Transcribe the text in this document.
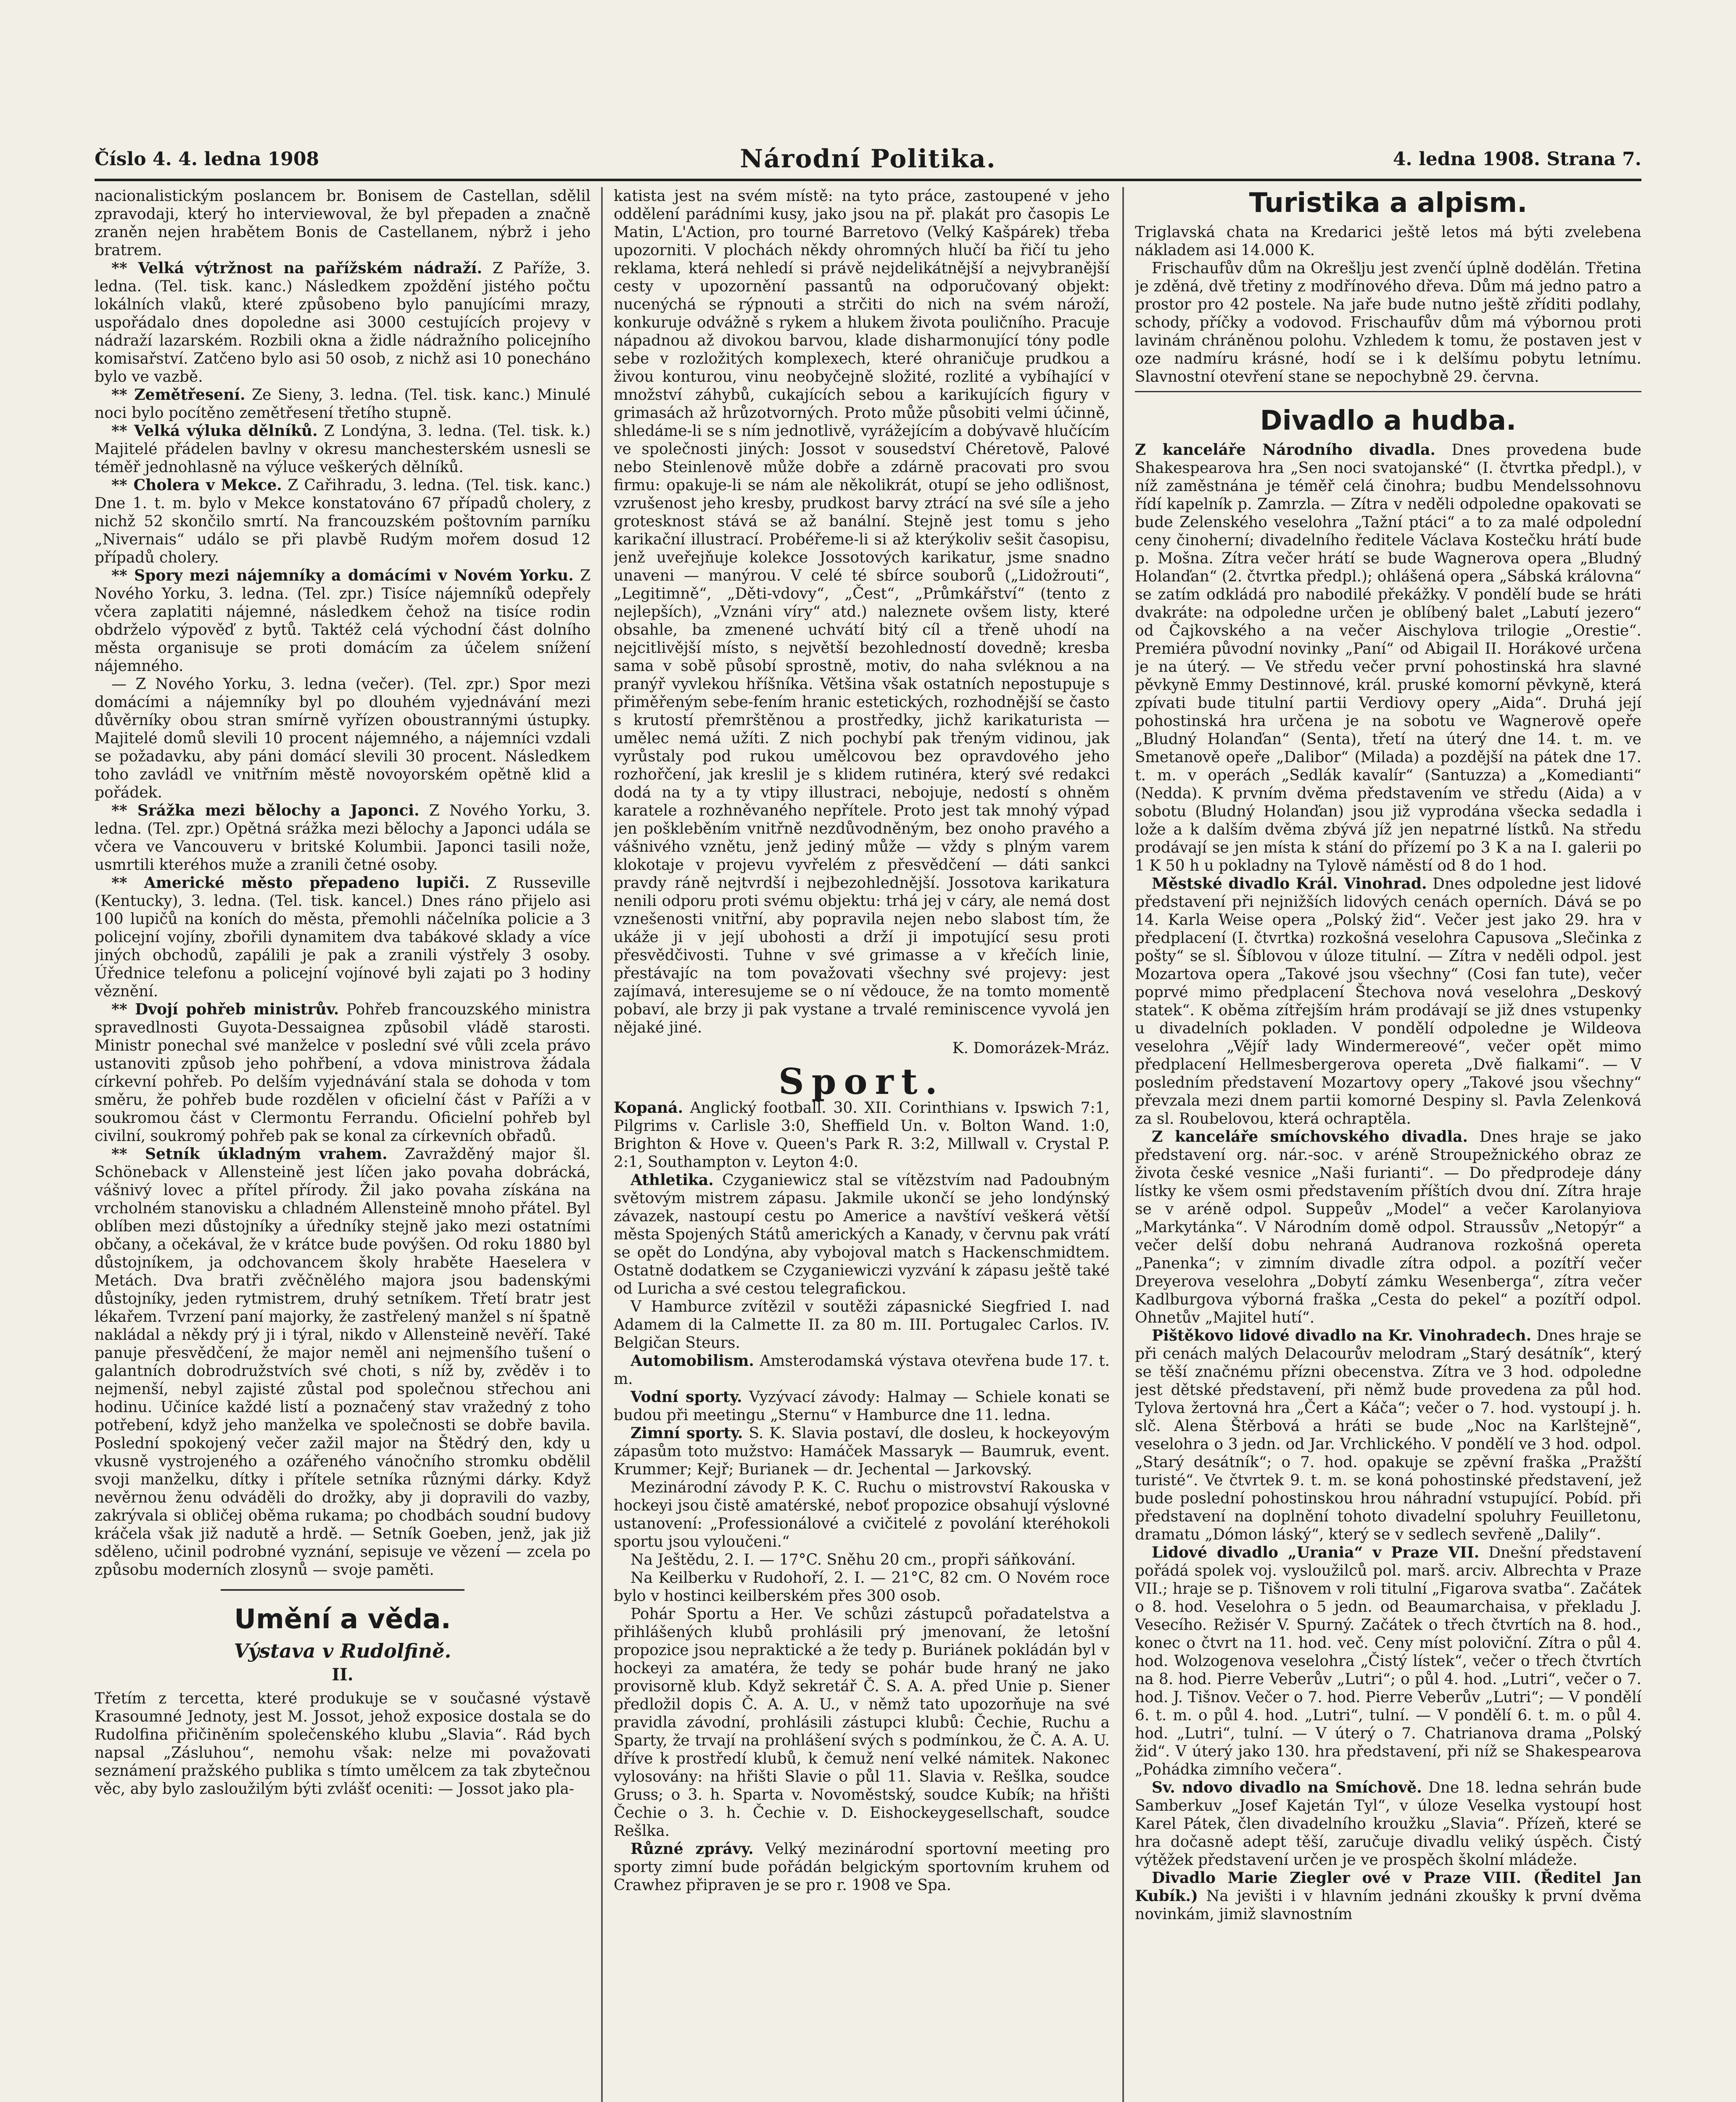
Číslo 4. 4. ledna 1908	Národní Politika.	4. ledna 1908. Strana 7.

nacionalistickým poslancem br. Bonisem de Castellan, sdělil zpravodaji, který ho interviewoval, že byl přepaden a značně zraněn nejen hrabětem Bonis de Castellanem, nýbrž i jeho bratrem.

** Velká výtržnost na pařížském nádraží. Z Paříže, 3. ledna. (Tel. tisk. kanc.) Následkem zpoždění jistého počtu lokálních vlaků, které způsobeno bylo panujícími mrazy, uspořádalo dnes dopoledne asi 3000 cestujících projevy v nádraží lazarském. Rozbili okna a židle nádražního policejního komisařství. Zatčeno bylo asi 50 osob, z nichž asi 10 ponecháno bylo ve vazbě.

** Zemětřesení. Ze Sieny, 3. ledna. (Tel. tisk. kanc.) Minulé noci bylo pocítěno zemětřesení třetího stupně.

** Velká výluka dělníků. Z Londýna, 3. ledna. (Tel. tisk. k.) Majitelé přádelen bavlny v okresu manchesterském usnesli se téměř jednohlasně na výluce veškerých dělníků.

** Cholera v Mekce. Z Cařihradu, 3. ledna. (Tel. tisk. kanc.) Dne 1. t. m. bylo v Mekce konstatováno 67 případů cholery, z nichž 52 skončilo smrtí. Na francouzském poštovním parníku „Nivernais“ událo se při plavbě Rudým mořem dosud 12 případů cholery.

** Spory mezi nájemníky a domácími v Novém Yorku. Z Nového Yorku, 3. ledna. (Tel. zpr.) Tisíce nájemníků odepřely včera zaplatiti nájemné, následkem čehož na tisíce rodin obdrželo výpověď z bytů. Taktéž celá východní část dolního města organisuje se proti domácím za účelem snížení nájemného.

— Z Nového Yorku, 3. ledna (večer). (Tel. zpr.) Spor mezi domácími a nájemníky byl po dlouhém vyjednávání mezi důvěrníky obou stran smírně vyřízen oboustrannými ústupky. Majitelé domů slevili 10 procent nájemného, a nájemníci vzdali se požadavku, aby páni domácí slevili 30 procent. Následkem toho zavládl ve vnitřním městě novoyorském opětně klid a pořádek.

** Srážka mezi bělochy a Japonci. Z Nového Yorku, 3. ledna. (Tel. zpr.) Opětná srážka mezi bělochy a Japonci udála se včera ve Vancouveru v britské Kolumbii. Japonci tasili nože, usmrtili kteréhos muže a zranili četné osoby.

** Americké město přepadeno lupiči. Z Russeville (Kentucky), 3. ledna. (Tel. tisk. kancel.) Dnes ráno přijelo asi 100 lupičů na koních do města, přemohli náčelníka policie a 3 policejní vojíny, zbořili dynamitem dva tabákové sklady a více jiných obchodů, zapálili je pak a zranili výstřely 3 osoby. Úřednice telefonu a policejní vojínové byli zajati po 3 hodiny věznění.

** Dvojí pohřeb ministrův. Pohřeb francouzského ministra spravedlnosti Guyota-Dessaignea způsobil vládě starosti. Ministr ponechal své manželce v poslední své vůli zcela právo ustanoviti způsob jeho pohřbení, a vdova ministrova žádala církevní pohřeb. Po delším vyjednávání stala se dohoda v tom směru, že pohřeb bude rozdělen v oficielní část v Paříži a v soukromou část v Clermontu Ferrandu. Oficielní pohřeb byl civilní, soukromý pohřeb pak se konal za církevních obřadů.

** Setník úkladným vrahem. Zavražděný major šl. Schöneback v Allensteině jest líčen jako povaha dobrácká, vášnivý lovec a přítel přírody. Žil jako povaha získána na vrcholném stanovisku a chladném Allensteině mnoho přátel. Byl oblíben mezi důstojníky a úředníky stejně jako mezi ostatními občany, a očekával, že v krátce bude povýšen. Od roku 1880 byl důstojníkem, ja odchovancem školy hraběte Haeselera v Metách. Dva bratři zvěčnělého majora jsou badenskými důstojníky, jeden rytmistrem, druhý setníkem. Třetí bratr jest lékařem. Tvrzení paní majorky, že zastřelený manžel s ní špatně nakládal a někdy prý ji i týral, nikdo v Allensteině nevěří. Také panuje přesvědčení, že major neměl ani nejmenšího tušení o galantních dobrodružstvích své choti, s níž by, zvěděv i to nejmenší, nebyl zajisté zůstal pod společnou střechou ani hodinu. Učiníce každé listí a poznačený stav vražedný z toho potřebení, když jeho manželka ve společnosti se dobře bavila. Poslední spokojený večer zažil major na Štědrý den, kdy u vkusně vystrojeného a ozářeného vánočního stromku obdělil svoji manželku, dítky i přítele setníka různými dárky. Když nevěrnou ženu odváděli do drožky, aby ji dopravili do vazby, zakrývala si obličej oběma rukama; po chodbách soudní budovy kráčela však již nadutě a hrdě. — Setník Goeben, jenž, jak již sděleno, učinil podrobné vyznání, sepisuje ve vězení — zcela po způsobu moderních zlosynů — svoje paměti.

Umění a věda.
Výstava v Rudolfině.
II.

Třetím z tercetta, které produkuje se v současné výstavě Krasoumné Jednoty, jest M. Jossot, jehož exposice dostala se do Rudolfina přičiněním společenského klubu „Slavia“. Rád bych napsal „Zásluhou“, nemohu však: nelze mi považovati seznámení pražského publika s tímto umělcem za tak zbytečnou věc, aby bylo zasloužilým býti zvlášť oceniti: — Jossot jako pla-

katista jest na svém místě: na tyto práce, zastoupené v jeho oddělení parádními kusy, jako jsou na př. plakát pro časopis Le Matin, L'Action, pro tourné Barretovo (Velký Kašpárek) třeba upozorniti. V plochách někdy ohromných hlučí ba řičí tu jeho reklama, která nehledí si právě nejdelikátnější a nejvybranější cesty v upozornění passantů na odporučovaný objekt: nucenýchá se rýpnouti a strčiti do nich na svém nároží, konkuruje odvážně s rykem a hlukem života pouličního. Pracuje nápadnou až divokou barvou, klade disharmonující tóny podle sebe v rozložitých komplexech, které ohraničuje prudkou a živou konturou, vinu neobyčejně složité, rozlité a vybíhající v množství záhybů, cukajících sebou a karikujících figury v grimasách až hrůzotvorných. Proto může působiti velmi účinně, shledáme-li se s ním jednotlivě, vyrážejícím a dobývavě hlučícím ve společnosti jiných: Jossot v sousedství Chéretově, Palové nebo Steinlenově může dobře a zdárně pracovati pro svou firmu: opakuje-li se nám ale několikrát, otupí se jeho odlišnost, vzrušenost jeho kresby, prudkost barvy ztrácí na své síle a jeho grotesknost stává se až banální. Stejně jest tomu s jeho karikační illustrací. Probéřeme-li si až kterýkoliv sešit časopisu, jenž uveřejňuje kolekce Jossotových karikatur, jsme snadno unaveni — manýrou. V celé té sbírce souborů („Lidožrouti“, „Legitimně“, „Děti-vdovy“, „Čest“, „Průmkářství“ (tento z nejlepších), „Vznáni víry“ atd.) naleznete ovšem listy, které obsahle, ba zmenené uchvátí bitý cíl a třeně uhodí na nejcitlivější místo, s největší bezohledností dovedně; kresba sama v sobě působí sprostně, motiv, do naha svléknou a na pranýř vyvlekou hříšníka. Většina však ostatních nepostupuje s přiměřeným sebe-fením hranic estetických, rozhodnější se často s krutostí přemrštěnou a prostředky, jichž karikaturista — umělec nemá užíti. Z nich pochybí pak třeným vidinou, jak vyrůstaly pod rukou umělcovou bez opravdového jeho rozhořčení, jak kreslil je s klidem rutinéra, který své redakci dodá na ty a ty vtipy illustraci, nebojuje, nedostí s ohněm karatele a rozhněvaného nepřítele. Proto jest tak mnohý výpad jen poškleběním vnitřně nezdůvodněným, bez onoho pravého a vášnivého vznětu, jenž jediný může — vždy s plným varem klokotaje v projevu vyvřelém z přesvědčení — dáti sankci pravdy ráně nejtvrdší i nejbezohlednější. Jossotova karikatura nenili odporu proti svému objektu: trhá jej v cáry, ale nemá dost vznešenosti vnitřní, aby popravila nejen nebo slabost tím, že ukáže ji v její ubohosti a drží ji impotující sesu proti přesvědčivosti. Tuhne v své grimasse a v křečích linie, přestávajíc na tom považovati všechny své projevy: jest zajímavá, interesujeme se o ní vědouce, že na tomto momentě pobaví, ale brzy ji pak vystane a trvalé reminiscence vyvolá jen nějaké jiné.

K. Domorázek-Mráz.

Sport.

Kopaná. Anglický football. 30. XII. Corinthians v. Ipswich 7:1, Pilgrims v. Carlisle 3:0, Sheffield Un. v. Bolton Wand. 1:0, Brighton & Hove v. Queen's Park R. 3:2, Millwall v. Crystal P. 2:1, Southampton v. Leyton 4:0.

Athletika. Czyganiewicz stal se vítězstvím nad Padoubným světovým mistrem zápasu. Jakmile ukončí se jeho londýnský závazek, nastoupí cestu po Americe a navštíví veškerá větší města Spojených Států amerických a Kanady, v červnu pak vrátí se opět do Londýna, aby vybojoval match s Hackenschmidtem. Ostatně dodatkem se Czyganiewiczi vyzvání k zápasu ještě také od Luricha a své cestou telegrafickou.

V Hamburce zvítězil v soutěži zápasnické Siegfried I. nad Adamem di la Calmette II. za 80 m. III. Portugalec Carlos. IV. Belgičan Steurs.

Automobilism. Amsterodamská výstava otevřena bude 17. t. m.

Vodní sporty. Vyzývací závody: Halmay — Schiele konati se budou při meetingu „Sternu“ v Hamburce dne 11. ledna.

Zimní sporty. S. K. Slavia postaví, dle dosleu, k hockeyovým zápasům toto mužstvo: Hamáček Massaryk — Baumruk, event. Krummer; Kejř; Burianek — dr. Jechental — Jarkovský.

Mezinárodní závody P. K. C. Ruchu o mistrovství Rakouska v hockeyi jsou čistě amatérské, neboť propozice obsahují výslovné ustanovení: „Professionálové a cvičitelé z povolání kteréhokoli sportu jsou vyloučeni.“

Na Ještědu, 2. I. — 17°C. Sněhu 20 cm., propři sáňkování.

Na Keilberku v Rudohoří, 2. I. — 21°C, 82 cm. O Novém roce bylo v hostinci keilberském přes 300 osob.

Pohár Sportu a Her. Ve schůzi zástupců pořadatelstva a přihlášených klubů prohlásili prý jmenovaní, že letošní propozice jsou nepraktické a že tedy p. Buriánek pokládán byl v hockeyi za amatéra, že tedy se pohár bude hraný ne jako provisorně klub. Když sekretář Č. S. A. A. před Unie p. Siener předložil dopis Č. A. A. U., v němž tato upozorňuje na své pravidla závodní, prohlásili zástupci klubů: Čechie, Ruchu a Sparty, že trvají na prohlášení svých s podmínkou, že Č. A. A. U. dříve k prostředí klubů, k čemuž není velké námitek. Nakonec vylosovány: na hřišti Slavie o půl 11. Slavia v. Rešlka, soudce Gruss; o 3. h. Sparta v. Novoměstský, soudce Kubík; na hřišti Čechie o 3. h. Čechie v. D. Eishockeygesellschaft, soudce Rešlka.

Různé zprávy. Velký mezinárodní sportovní meeting pro sporty zimní bude pořádán belgickým sportovním kruhem od Crawhez připraven je se pro r. 1908 ve Spa.

Turistika a alpism.

Triglavská chata na Kredarici ještě letos má býti zvelebena nákladem asi 14.000 K.

Frischaufův dům na Okrešlju jest zvenčí úplně dodělán. Třetina je zděná, dvě třetiny z modřínového dřeva. Dům má jedno patro a prostor pro 42 postele. Na jaře bude nutno ještě zříditi podlahy, schody, příčky a vodovod. Frischaufův dům má výbornou proti lavinám chráněnou polohu. Vzhledem k tomu, že postaven jest v oze nadmíru krásné, hodí se i k delšímu pobytu letnímu. Slavnostní otevření stane se nepochybně 29. června.

Divadlo a hudba.

Z kanceláře Národního divadla. Dnes provedena bude Shakespearova hra „Sen noci svatojanské“ (I. čtvrtka předpl.), v níž zaměstnána je téměř celá činohra; budbu Mendelssohnovu řídí kapelník p. Zamrzla. — Zítra v neděli odpoledne opakovati se bude Zelenského veselohra „Tažní ptáci“ a to za malé odpolední ceny činoherní; divadelního ředitele Václava Kostečku hrátí bude p. Mošna. Zítra večer hrátí se bude Wagnerova opera „Bludný Holanďan“ (2. čtvrtka předpl.); ohlášená opera „Sábská královna“ se zatím odkládá pro nabodilé překážky. V pondělí bude se hráti dvakráte: na odpoledne určen je oblíbený balet „Labutí jezero“ od Čajkovského a na večer Aischylova trilogie „Orestie“. Premiéra původní novinky „Paní“ od Abigail II. Horákové určena je na úterý. — Ve středu večer první pohostinská hra slavné pěvkyně Emmy Destinnové, král. pruské komorní pěvkyně, která zpívati bude titulní partii Verdiovy opery „Aida“. Druhá její pohostinská hra určena je na sobotu ve Wagnerově opeře „Bludný Holanďan“ (Senta), třetí na úterý dne 14. t. m. ve Smetanově opeře „Dalibor“ (Milada) a pozdější na pátek dne 17. t. m. v operách „Sedlák kavalír“ (Santuzza) a „Komedianti“ (Nedda). K prvním dvěma představením ve středu (Aida) a v sobotu (Bludný Holanďan) jsou již vyprodána všecka sedadla i lože a k dalším dvěma zbývá jíž jen nepatrné lístků. Na středu prodávají se jen místa k stání do přízemí po 3 K a na I. galerii po 1 K 50 h u pokladny na Tylově náměstí od 8 do 1 hod.

Městské divadlo Král. Vinohrad. Dnes odpoledne jest lidové představení při nejnižších lidových cenách operních. Dává se po 14. Karla Weise opera „Polský žid“. Večer jest jako 29. hra v předplacení (I. čtvrtka) rozkošná veselohra Capusova „Slečinka z pošty“ se sl. Šíblovou v úloze titulní. — Zítra v neděli odpol. jest Mozartova opera „Takové jsou všechny“ (Cosi fan tute), večer poprvé mimo předplacení Štechova nová veselohra „Deskový statek“. K oběma zítřejším hrám prodávají se již dnes vstupenky u divadelních pokladen. V pondělí odpoledne je Wildeova veselohra „Vějíř lady Windermereové“, večer opět mimo předplacení Hellmesbergerova opereta „Dvě fialkami“. — V posledním představení Mozartovy opery „Takové jsou všechny“ převzala mezi dnem partii komorné Despiny sl. Pavla Zelenková za sl. Roubelovou, která ochraptěla.

Z kanceláře smíchovského divadla. Dnes hraje se jako představení org. nár.-soc. v aréně Stroupežnického obraz ze života české vesnice „Naši furianti“. — Do předprodeje dány lístky ke všem osmi představením příštích dvou dní. Zítra hraje se v aréně odpol. Suppeův „Model“ a večer Karolanyiova „Markytánka“. V Národním domě odpol. Straussův „Netopýr“ a večer delší dobu nehraná Audranova rozkošná opereta „Panenka“; v zimním divadle zítra odpol. a pozítří večer Dreyerova veselohra „Dobytí zámku Wesenberga“, zítra večer Kadlburgova výborná fraška „Cesta do pekel“ a pozítří odpol. Ohnetův „Majitel hutí“.

Pištěkovo lidové divadlo na Kr. Vinohradech. Dnes hraje se při cenách malých Delacourův melodram „Starý desátník“, který se těší značnému přízni obecenstva. Zítra ve 3 hod. odpoledne jest dětské představení, při němž bude provedena za půl hod. Tylova žertovná hra „Čert a Káča“; večer o 7. hod. vystoupí j. h. slč. Alena Štěrbová a hráti se bude „Noc na Karlštejně“, veselohra o 3 jedn. od Jar. Vrchlického. V pondělí ve 3 hod. odpol. „Starý desátník“; o 7. hod. opakuje se zpěvní fraška „Pražští turisté“. Ve čtvrtek 9. t. m. se koná pohostinské představení, jež bude poslední pohostinskou hrou náhradní vstupující. Pobíd. při představení na doplnění tohoto divadelní spoluhry Feuilletonu, dramatu „Dómon láský“, který se v sedlech sevřeně „Dalily“.

Lidové divadlo „Urania“ v Praze VII. Dnešní představení pořádá spolek voj. vysloužilců pol. marš. arciv. Albrechta v Praze VII.; hraje se p. Tišnovem v roli titulní „Figarova svatba“. Začátek o 8. hod. Veselohra o 5 jedn. od Beaumarchaisa, v překladu J. Vesecího. Režisér V. Spurný. Začátek o třech čtvrtích na 8. hod., konec o čtvrt na 11. hod. več. Ceny míst poloviční. Zítra o půl 4. hod. Wolzogenova veselohra „Čistý lístek“, večer o třech čtvrtích na 8. hod. Pierre Veberův „Lutri“; o půl 4. hod. „Lutri“, večer o 7. hod. J. Tišnov. Večer o 7. hod. Pierre Veberův „Lutri“; — V pondělí 6. t. m. o půl 4. hod. „Lutri“, tulní. — V pondělí 6. t. m. o půl 4. hod. „Lutri“, tulní. — V úterý o 7. Chatrianova drama „Polský žid“. V úterý jako 130. hra představení, při níž se Shakespearova „Pohádka zimního večera“.

Sv. ndovo divadlo na Smíchově. Dne 18. ledna sehrán bude Samberkuv „Josef Kajetán Tyl“, v úloze Veselka vystoupí host Karel Pátek, člen divadelního kroužku „Slavia“. Přízeň, které se hra dočasně adept těší, zaručuje divadlu veliký úspěch. Čistý výtěžek představení určen je ve prospěch školní mládeže.

Divadlo Marie Ziegler ové v Praze VIII. (Ředitel Jan Kubík.) Na jevišti i v hlavním jednáni zkoušky k první dvěma novinkám, jimiž slavnostním
